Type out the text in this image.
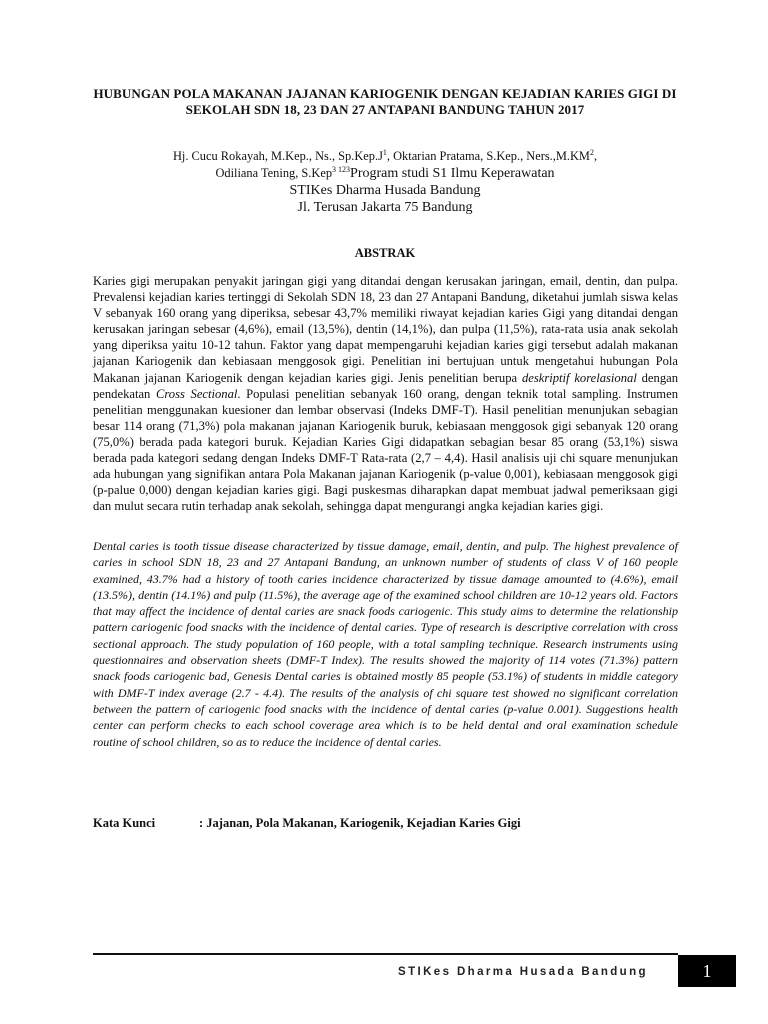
HUBUNGAN POLA MAKANAN JAJANAN KARIOGENIK DENGAN KEJADIAN KARIES GIGI DI SEKOLAH SDN 18, 23 DAN 27 ANTAPANI BANDUNG TAHUN 2017
Hj. Cucu Rokayah, M.Kep., Ns., $Sp.Kep.J^1$, Oktarian Pratama, S.Kep., $Ners.,M.KM^2$,
Odiliana Tening, S.Kep$^3$ $^{123}$Program studi S1 Ilmu Keperawatan
STIKes Dharma Husada Bandung
Jl. Terusan Jakarta 75 Bandung
ABSTRAK
Karies gigi merupakan penyakit jaringan gigi yang ditandai dengan kerusakan jaringan, email, dentin, dan pulpa. Prevalensi kejadian karies tertinggi di Sekolah SDN 18, 23 dan 27 Antapani Bandung, diketahui jumlah siswa kelas V sebanyak 160 orang yang diperiksa, sebesar 43,7% memiliki riwayat kejadian karies Gigi yang ditandai dengan kerusakan jaringan sebesar (4,6%), email (13,5%), dentin (14,1%), dan pulpa (11,5%), rata-rata usia anak sekolah yang diperiksa yaitu 10-12 tahun. Faktor yang dapat mempengaruhi kejadian karies gigi tersebut adalah makanan jajanan Kariogenik dan kebiasaan menggosok gigi. Penelitian ini bertujuan untuk mengetahui hubungan Pola Makanan jajanan Kariogenik dengan kejadian karies gigi. Jenis penelitian berupa deskriptif korelasional dengan pendekatan Cross Sectional. Populasi penelitian sebanyak 160 orang, dengan teknik total sampling. Instrumen penelitian menggunakan kuesioner dan lembar observasi (Indeks DMF-T). Hasil penelitian menunjukan sebagian besar 114 orang (71,3%) pola makanan jajanan Kariogenik buruk, kebiasaan menggosok gigi sebanyak 120 orang (75,0%) berada pada kategori buruk. Kejadian Karies Gigi didapatkan sebagian besar 85 orang (53,1%) siswa berada pada kategori sedang dengan Indeks DMF-T Rata-rata (2,7 – 4,4). Hasil analisis uji chi square menunjukan ada hubungan yang signifikan antara Pola Makanan jajanan Kariogenik (p-value 0,001), kebiasaan menggosok gigi (p-palue 0,000) dengan kejadian karies gigi. Bagi puskesmas diharapkan dapat membuat jadwal pemeriksaan gigi dan mulut secara rutin terhadap anak sekolah, sehingga dapat mengurangi angka kejadian karies gigi.
Dental caries is tooth tissue disease characterized by tissue damage, email, dentin, and pulp. The highest prevalence of caries in school SDN 18, 23 and 27 Antapani Bandung, an unknown number of students of class V of 160 people examined, 43.7% had a history of tooth caries incidence characterized by tissue damage amounted to (4.6%), email (13.5%), dentin (14.1%) and pulp (11.5%), the average age of the examined school children are 10-12 years old. Factors that may affect the incidence of dental caries are snack foods cariogenic. This study aims to determine the relationship pattern cariogenic food snacks with the incidence of dental caries. Type of research is descriptive correlation with cross sectional approach. The study population of 160 people, with a total sampling technique. Research instruments using questionnaires and observation sheets (DMF-T Index). The results showed the majority of 114 votes (71.3%) pattern snack foods cariogenic bad, Genesis Dental caries is obtained mostly 85 people (53.1%) of students in middle category with DMF-T index average (2.7 - 4.4). The results of the analysis of chi square test showed no significant correlation between the pattern of cariogenic food snacks with the incidence of dental caries (p-value 0.001). Suggestions health center can perform checks to each school coverage area which is to be held dental and oral examination schedule routine of school children, so as to reduce the incidence of dental caries.
Kata Kunci	: Jajanan, Pola Makanan, Kariogenik, Kejadian Karies Gigi
STIKes Dharma Husada Bandung	1
